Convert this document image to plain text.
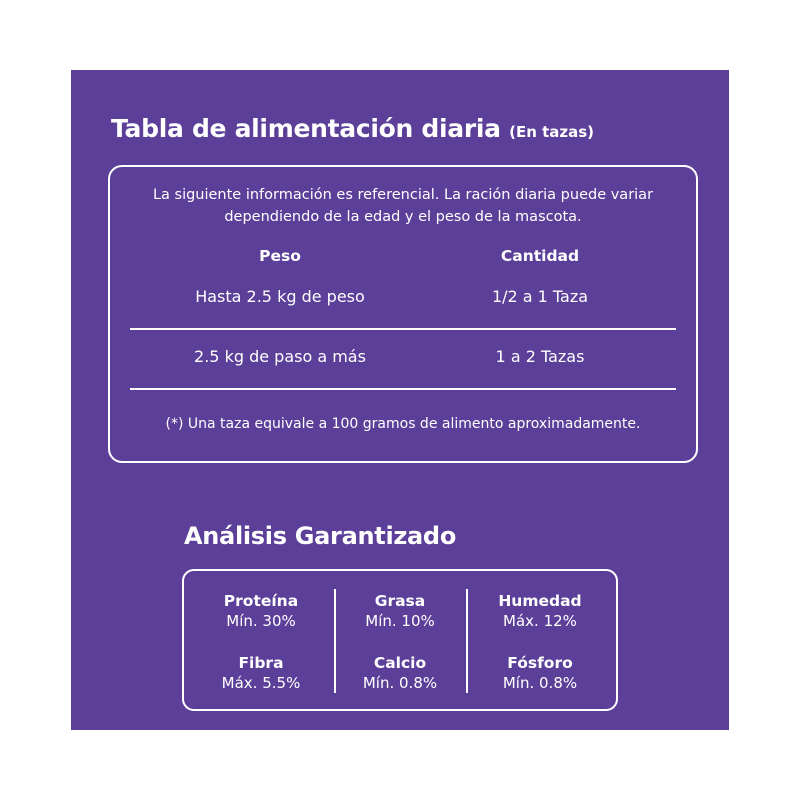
Tabla de alimentación diaria (En tazas)
La siguiente información es referencial. La ración diaria puede variar
dependiendo de la edad y el peso de la mascota.
Peso	Cantidad
Hasta 2.5 kg de peso	1/2 a 1 Taza
2.5 kg de paso a más	1 a 2 Tazas
(*) Una taza equivale a 100 gramos de alimento aproximadamente.
Análisis Garantizado
Proteína
Mín. 30%
Grasa
Mín. 10%
Humedad
Máx. 12%
Fibra
Máx. 5.5%
Calcio
Mín. 0.8%
Fósforo
Mín. 0.8%
